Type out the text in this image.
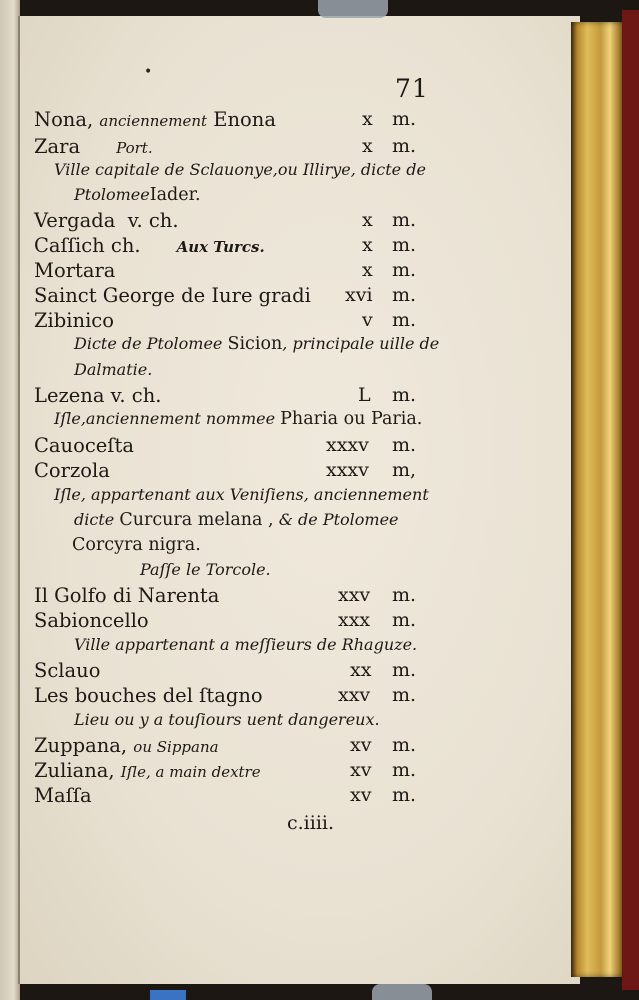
•
71
Nona, anciennement Enona	x m.
Zara Port.	x m.
Ville capitale de Sclauonye,ou Illirye, dicte de
PtolomeeIader.
Vergada v. ch.	x m.
Caſſich ch. Aux Turcs.	x m.
Mortara	x m.
Sainct George de Iure gradi xvi m.
Zibinico	v m.
Dicte de Ptolomee Sicion, principale uille de
Dalmatie.
Lezena v. ch.	L m.
Iſle,anciennement nommee Pharia ou Paria.
Cauoceſta	xxxv m.
Corzola	xxxv m,
Iſle, appartenant aux Veniſiens, anciennement
dicte Curcura melana , & de Ptolomee
Corcyra nigra.
Paſſe le Torcole.
Il Golfo di Narenta	xxv m.
Sabioncello	xxx m.
Ville appartenant a meſſieurs de Rhaguze.
Sclauo	xx m.
Les bouches del ſtagno	xxv m.
Lieu ou y a touſiours uent dangereux.
Zuppana, ou Sippana	xv m.
Zuliana, Iſle, a main dextre	xv m.
Maſſa	xv m.
c.iiii.
